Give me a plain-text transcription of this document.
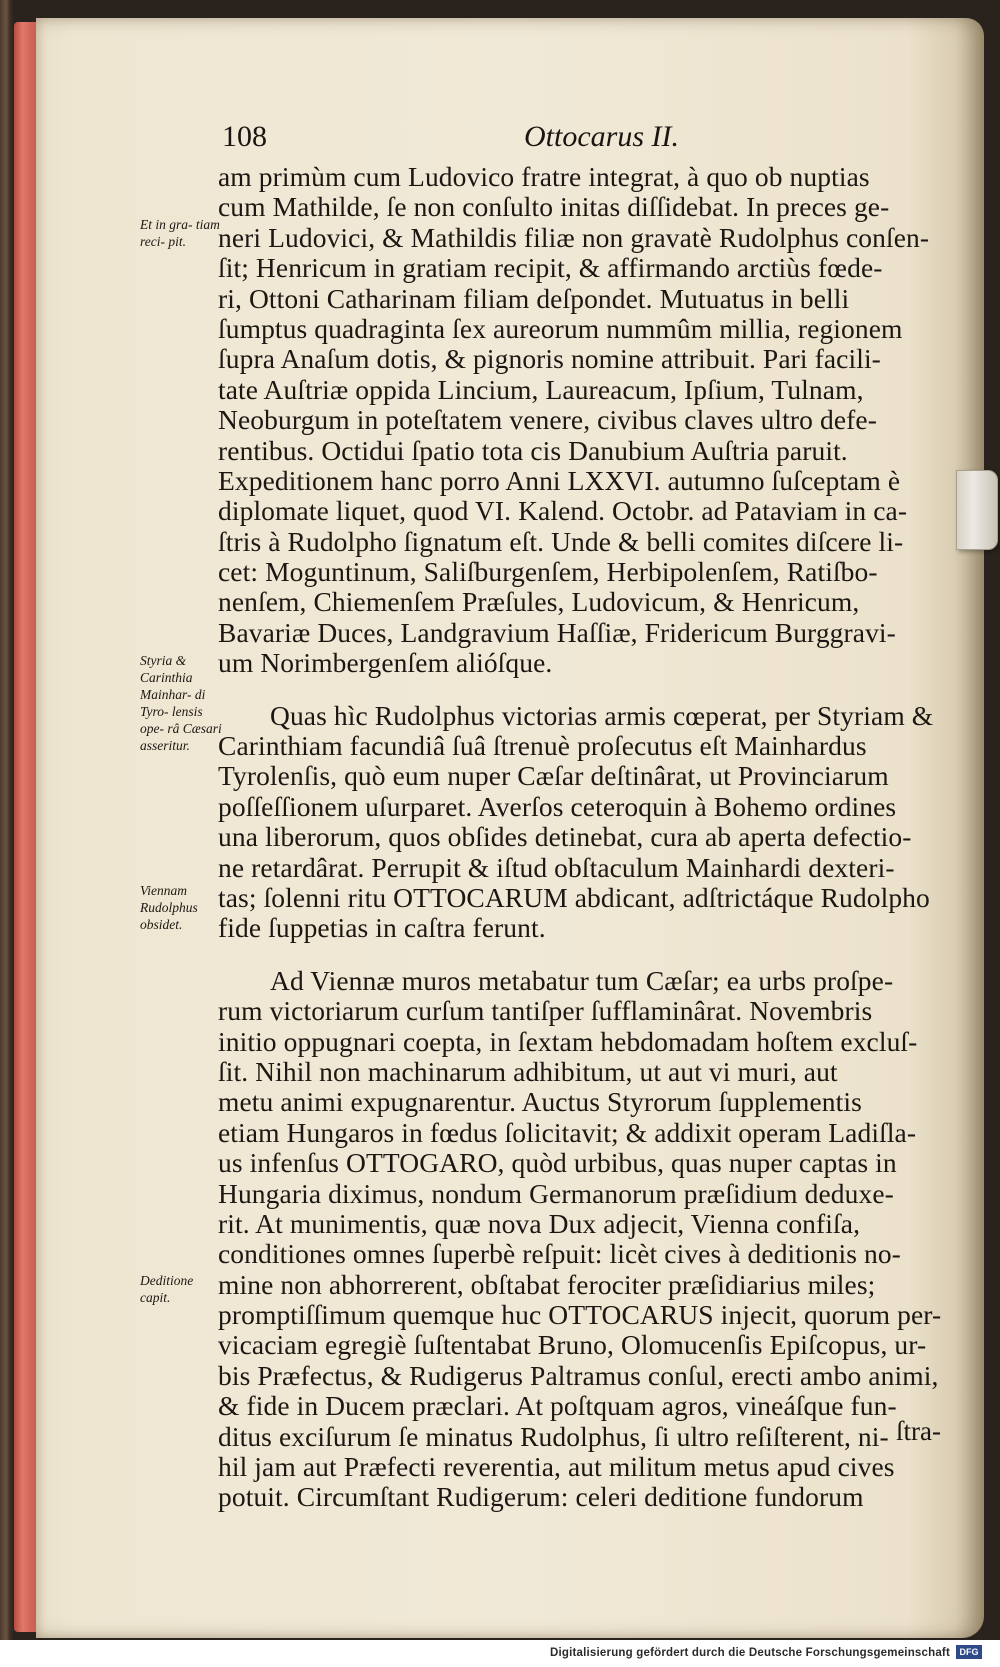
108	Ottocarus II.
Et in gra- tiam reci- pit.
Styria & Carinthia Mainhar- di Tyro- lensis ope- râ Cæsari asseritur.
Viennam Rudolphus obsidet.
Deditione capit.
am primùm cum Ludovico fratre integrat, à quo ob nuptias
cum Mathilde, ſe non conſulto initas diſſidebat. In preces ge-
neri Ludovici, & Mathildis filiæ non gravatè Rudolphus conſen-
ſit; Henricum in gratiam recipit, & affirmando arctiùs fœde-
ri, Ottoni Catharinam filiam deſpondet. Mutuatus in belli
ſumptus quadraginta ſex aureorum nummûm millia, regionem
ſupra Anaſum dotis, & pignoris nomine attribuit. Pari facili-
tate Auſtriæ oppida Lincium, Laureacum, Ipſium, Tulnam,
Neoburgum in poteſtatem venere, civibus claves ultro defe-
rentibus. Octidui ſpatio tota cis Danubium Auſtria paruit.
Expeditionem hanc porro Anni LXXVI. autumno ſuſceptam è
diplomate liquet, quod VI. Kalend. Octobr. ad Pataviam in ca-
ſtris à Rudolpho ſignatum eſt. Unde & belli comites diſcere li-
cet: Moguntinum, Saliſburgenſem, Herbipolenſem, Ratiſbo-
nenſem, Chiemenſem Præſules, Ludovicum, & Henricum,
Bavariæ Duces, Landgravium Haſſiæ, Fridericum Burggravi-
um Norimbergenſem alióſque.
Quas hìc Rudolphus victorias armis cœperat, per Styriam &
Carinthiam facundiâ ſuâ ſtrenuè proſecutus eſt Mainhardus
Tyrolenſis, quò eum nuper Cæſar deſtinârat, ut Provinciarum
poſſeſſionem uſurparet. Averſos ceteroquin à Bohemo ordines
una liberorum, quos obſides detinebat, cura ab aperta defectio-
ne retardârat. Perrupit & iſtud obſtaculum Mainhardi dexteri-
tas; ſolenni ritu OTTOCARUM abdicant, adſtrictáque Rudolpho
fide ſuppetias in caſtra ferunt.
Ad Viennæ muros metabatur tum Cæſar; ea urbs proſpe-
rum victoriarum curſum tantiſper ſufflaminârat. Novembris
initio oppugnari coepta, in ſextam hebdomadam hoſtem excluſ-
ſit. Nihil non machinarum adhibitum, ut aut vi muri, aut
metu animi expugnarentur. Auctus Styrorum ſupplementis
etiam Hungaros in fœdus ſolicitavit; & addixit operam Ladiſla-
us infenſus OTTOGARO, quòd urbibus, quas nuper captas in
Hungaria diximus, nondum Germanorum præſidium deduxe-
rit. At munimentis, quæ nova Dux adjecit, Vienna confiſa,
conditiones omnes ſuperbè reſpuit: licèt cives à deditionis no-
mine non abhorrerent, obſtabat ferociter præſidiarius miles;
promptiſſimum quemque huc OTTOCARUS injecit, quorum per-
vicaciam egregiè ſuſtentabat Bruno, Olomucenſis Epiſcopus, ur-
bis Præfectus, & Rudigerus Paltramus conſul, erecti ambo animi,
& fide in Ducem præclari. At poſtquam agros, vineáſque fun-
ditus exciſurum ſe minatus Rudolphus, ſi ultro reſiſterent, ni-
hil jam aut Præfecti reverentia, aut militum metus apud cives
potuit. Circumſtant Rudigerum: celeri deditione fundorum
ſtra-
Digitalisierung gefördert durch die Deutsche Forschungsgemeinschaft	DFG
